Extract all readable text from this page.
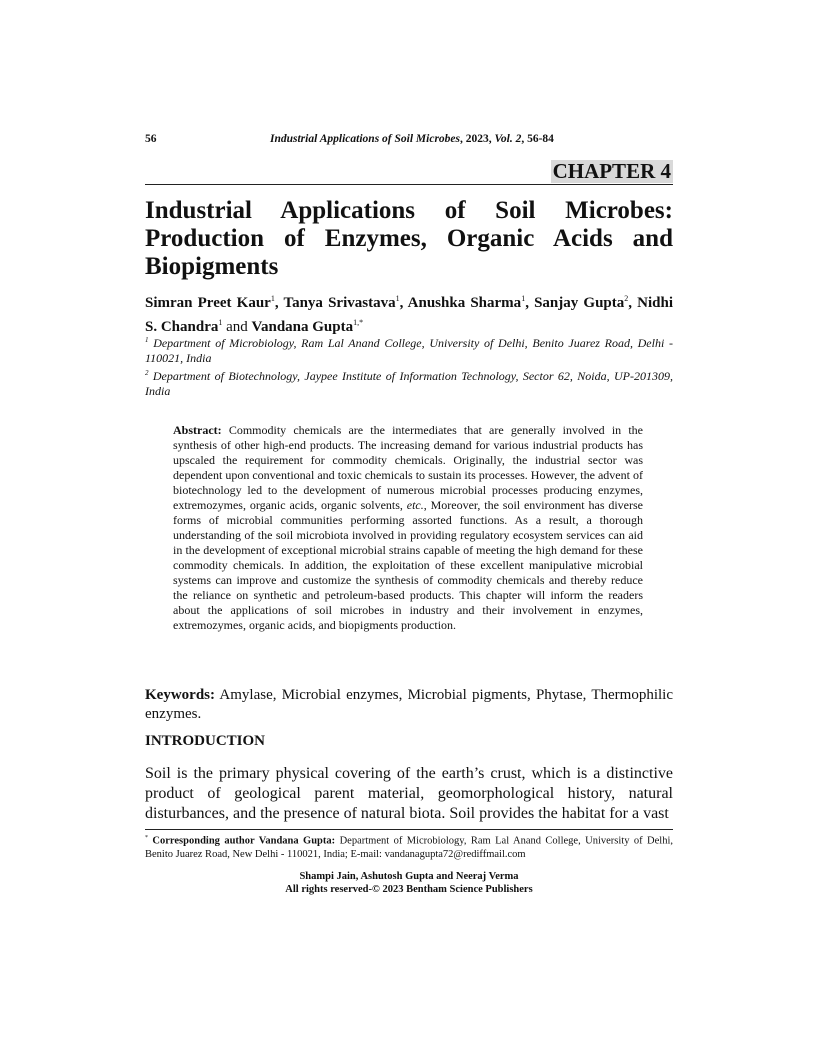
56	Industrial Applications of Soil Microbes, 2023, Vol. 2, 56-84
CHAPTER 4
Industrial Applications of Soil Microbes: Production of Enzymes, Organic Acids and Biopigments
Simran Preet Kaur$^1$, Tanya Srivastava$^1$, Anushka Sharma$^1$, Sanjay Gupta$^2$, Nidhi S. Chandra$^1$ and Vandana Gupta$^{1,*}$
$^1$ Department of Microbiology, Ram Lal Anand College, University of Delhi, Benito Juarez Road, Delhi - 110021, India
$^2$ Department of Biotechnology, Jaypee Institute of Information Technology, Sector 62, Noida, UP-201309, India
Abstract: Commodity chemicals are the intermediates that are generally involved in the synthesis of other high-end products. The increasing demand for various industrial products has upscaled the requirement for commodity chemicals. Originally, the industrial sector was dependent upon conventional and toxic chemicals to sustain its processes. However, the advent of biotechnology led to the development of numerous microbial processes producing enzymes, extremozymes, organic acids, organic solvents, etc., Moreover, the soil environment has diverse forms of microbial communities performing assorted functions. As a result, a thorough understanding of the soil microbiota involved in providing regulatory ecosystem services can aid in the development of exceptional microbial strains capable of meeting the high demand for these commodity chemicals. In addition, the exploitation of these excellent manipulative microbial systems can improve and customize the synthesis of commodity chemicals and thereby reduce the reliance on synthetic and petroleum-based products. This chapter will inform the readers about the applications of soil microbes in industry and their involvement in enzymes, extremozymes, organic acids, and biopigments production.
Keywords: Amylase, Microbial enzymes, Microbial pigments, Phytase, Thermophilic enzymes.
INTRODUCTION
Soil is the primary physical covering of the earth’s crust, which is a distinctive product of geological parent material, geomorphological history, natural disturbances, and the presence of natural biota. Soil provides the habitat for a vast
* Corresponding author Vandana Gupta: Department of Microbiology, Ram Lal Anand College, University of Delhi, Benito Juarez Road, New Delhi - 110021, India; E-mail: vandanagupta72@rediffmail.com
Shampi Jain, Ashutosh Gupta and Neeraj Verma
All rights reserved-© 2023 Bentham Science Publishers
